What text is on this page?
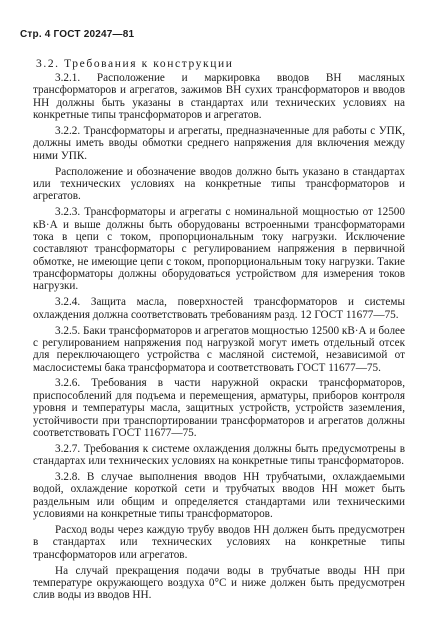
Стр. 4 ГОСТ 20247—81
3.2. Требования к конструкции

3.2.1. Расположение и маркировка вводов ВН масляных трансформаторов и агрегатов, зажимов ВН сухих трансформаторов и вводов НН должны быть указаны в стандартах или технических условиях на конкретные типы трансформаторов и агрегатов.

3.2.2. Трансформаторы и агрегаты, предназначенные для работы с УПК, должны иметь вводы обмотки среднего напряжения для включения между ними УПК.

Расположение и обозначение вводов должно быть указано в стандартах или технических условиях на конкретные типы трансформаторов и агрегатов.

3.2.3. Трансформаторы и агрегаты с номинальной мощностью от 12500 кВ·А и выше должны быть оборудованы встроенными трансформаторами тока в цепи с током, пропорциональным току нагрузки. Исключение составляют трансформаторы с регулированием напряжения в первичной обмотке, не имеющие цепи с током, пропорциональным току нагрузки. Такие трансформаторы должны оборудоваться устройством для измерения токов нагрузки.

3.2.4. Защита масла, поверхностей трансформаторов и системы охлаждения должна соответствовать требованиям разд. 12 ГОСТ 11677—75.

3.2.5. Баки трансформаторов и агрегатов мощностью 12500 кВ·А и более с регулированием напряжения под нагрузкой могут иметь отдельный отсек для переключающего устройства с масляной системой, независимой от маслосистемы бака трансформатора и соответствовать ГОСТ 11677—75.

3.2.6. Требования в части наружной окраски трансформаторов, приспособлений для подъема и перемещения, арматуры, приборов контроля уровня и температуры масла, защитных устройств, устройств заземления, устойчивости при транспортировании трансформаторов и агрегатов должны соответствовать ГОСТ 11677—75.

3.2.7. Требования к системе охлаждения должны быть предусмотрены в стандартах или технических условиях на конкретные типы трансформаторов.

3.2.8. В случае выполнения вводов НН трубчатыми, охлаждаемыми водой, охлаждение короткой сети и трубчатых вводов НН может быть раздельным или общим и определяется стандартами или техническими условиями на конкретные типы трансформаторов.

Расход воды через каждую трубу вводов НН должен быть предусмотрен в стандартах или технических условиях на конкретные типы трансформаторов или агрегатов.

На случай прекращения подачи воды в трубчатые вводы НН при температуре окружающего воздуха 0°С и ниже должен быть предусмотрен слив воды из вводов НН.
